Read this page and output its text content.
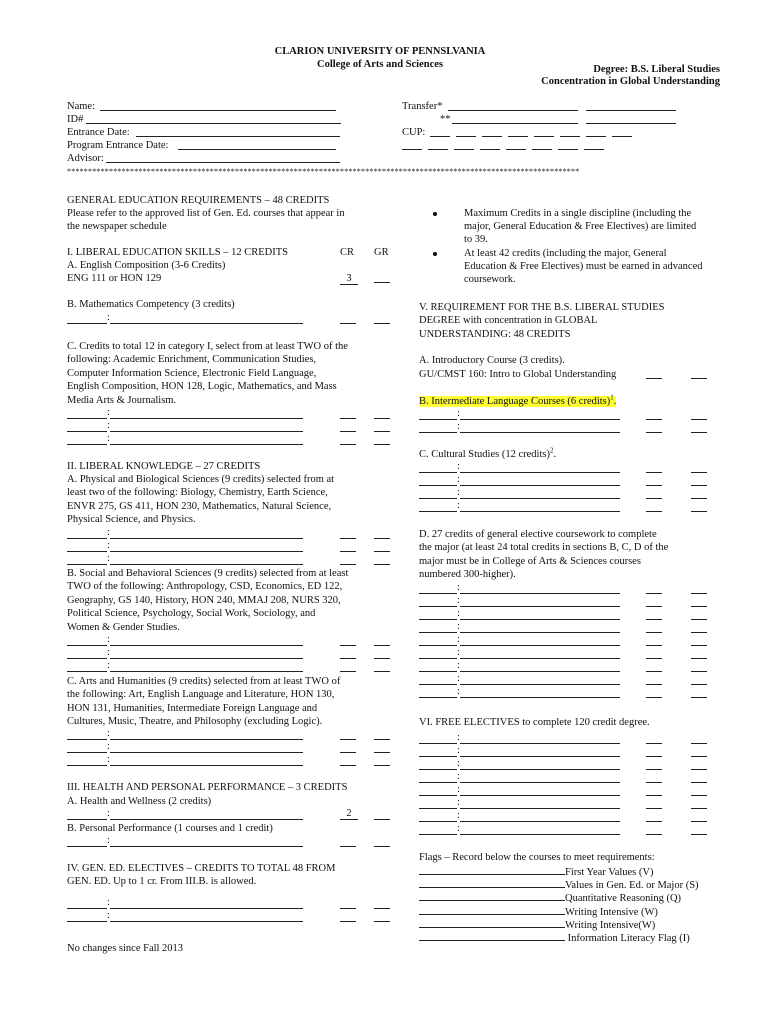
CLARION UNIVERSITY OF PENNSLVANIA
College of Arts and Sciences	Degree: B.S. Liberal Studies
Concentration in Global Understanding
Name:
ID#
Entrance Date:
Program Entrance Date:
Advisor:
Transfer*
**
CUP:
**************************************************************************************************************************
GENERAL EDUCATION REQUIREMENTS – 48 CREDITS
Please refer to the approved list of Gen. Ed. courses that appear in
the newspaper schedule
I. LIBERAL EDUCATION SKILLS – 12 CREDITS	CR GR
A. English Composition (3-6 Credits)
ENG 111 or HON 129	3
B. Mathematics Competency (3 credits)
:
C. Credits to total 12 in category I, select from at least TWO of the
following: Academic Enrichment, Communication Studies,
Computer Information Science, Electronic Field Language,
English Composition, HON 128, Logic, Mathematics, and Mass
Media Arts & Journalism.
:
:
:
II. LIBERAL KNOWLEDGE – 27 CREDITS
A. Physical and Biological Sciences (9 credits) selected from at
least two of the following: Biology, Chemistry, Earth Science,
ENVR 275, GS 411, HON 230, Mathematics, Natural Science,
Physical Science, and Physics.
:
:
:
B. Social and Behavioral Sciences (9 credits) selected from at least
TWO of the following: Anthropology, CSD, Economics, ED 122,
Geography, GS 140, History, HON 240, MMAJ 208, NURS 320,
Political Science, Psychology, Social Work, Sociology, and
Women & Gender Studies.
:
:
:
C. Arts and Humanities (9 credits) selected from at least TWO of
the following: Art, English Language and Literature, HON 130,
HON 131, Humanities, Intermediate Foreign Language and
Cultures, Music, Theatre, and Philosophy (excluding Logic).
:
:
:
III. HEALTH AND PERSONAL PERFORMANCE – 3 CREDITS
A. Health and Wellness (2 credits)
:	2
B. Personal Performance (1 courses and 1 credit)
:
IV. GEN. ED. ELECTIVES – CREDITS TO TOTAL 48 FROM
GEN. ED. Up to 1 cr. From III.B. is allowed.
:
:
No changes since Fall 2013
Maximum Credits in a single discipline (including the
major, General Education & Free Electives) are limited
to 39.
At least 42 credits (including the major, General
Education & Free Electives) must be earned in advanced
coursework.
V. REQUIREMENT FOR THE B.S. LIBERAL STUDIES
DEGREE with concentration in GLOBAL
UNDERSTANDING: 48 CREDITS
A. Introductory Course (3 credits).
GU/CMST 160: Intro to Global Understanding
B. Intermediate Language Courses (6 credits)$^1$.
:
:
C. Cultural Studies (12 credits)$^2$.
:
:
:
:
D. 27 credits of general elective coursework to complete
the major (at least 24 total credits in sections B, C, D of the
major must be in College of Arts & Sciences courses
numbered 300-higher).
:
:
:
:
:
:
:
:
:
VI. FREE ELECTIVES to complete 120 credit degree.
:
:
:
:
:
:
:
:
Flags – Record below the courses to meet requirements:
First Year Values (V)
Values in Gen. Ed. or Major (S)
Quantitative Reasoning (Q)
Writing Intensive (W)
Writing Intensive(W)
Information Literacy Flag (I)
